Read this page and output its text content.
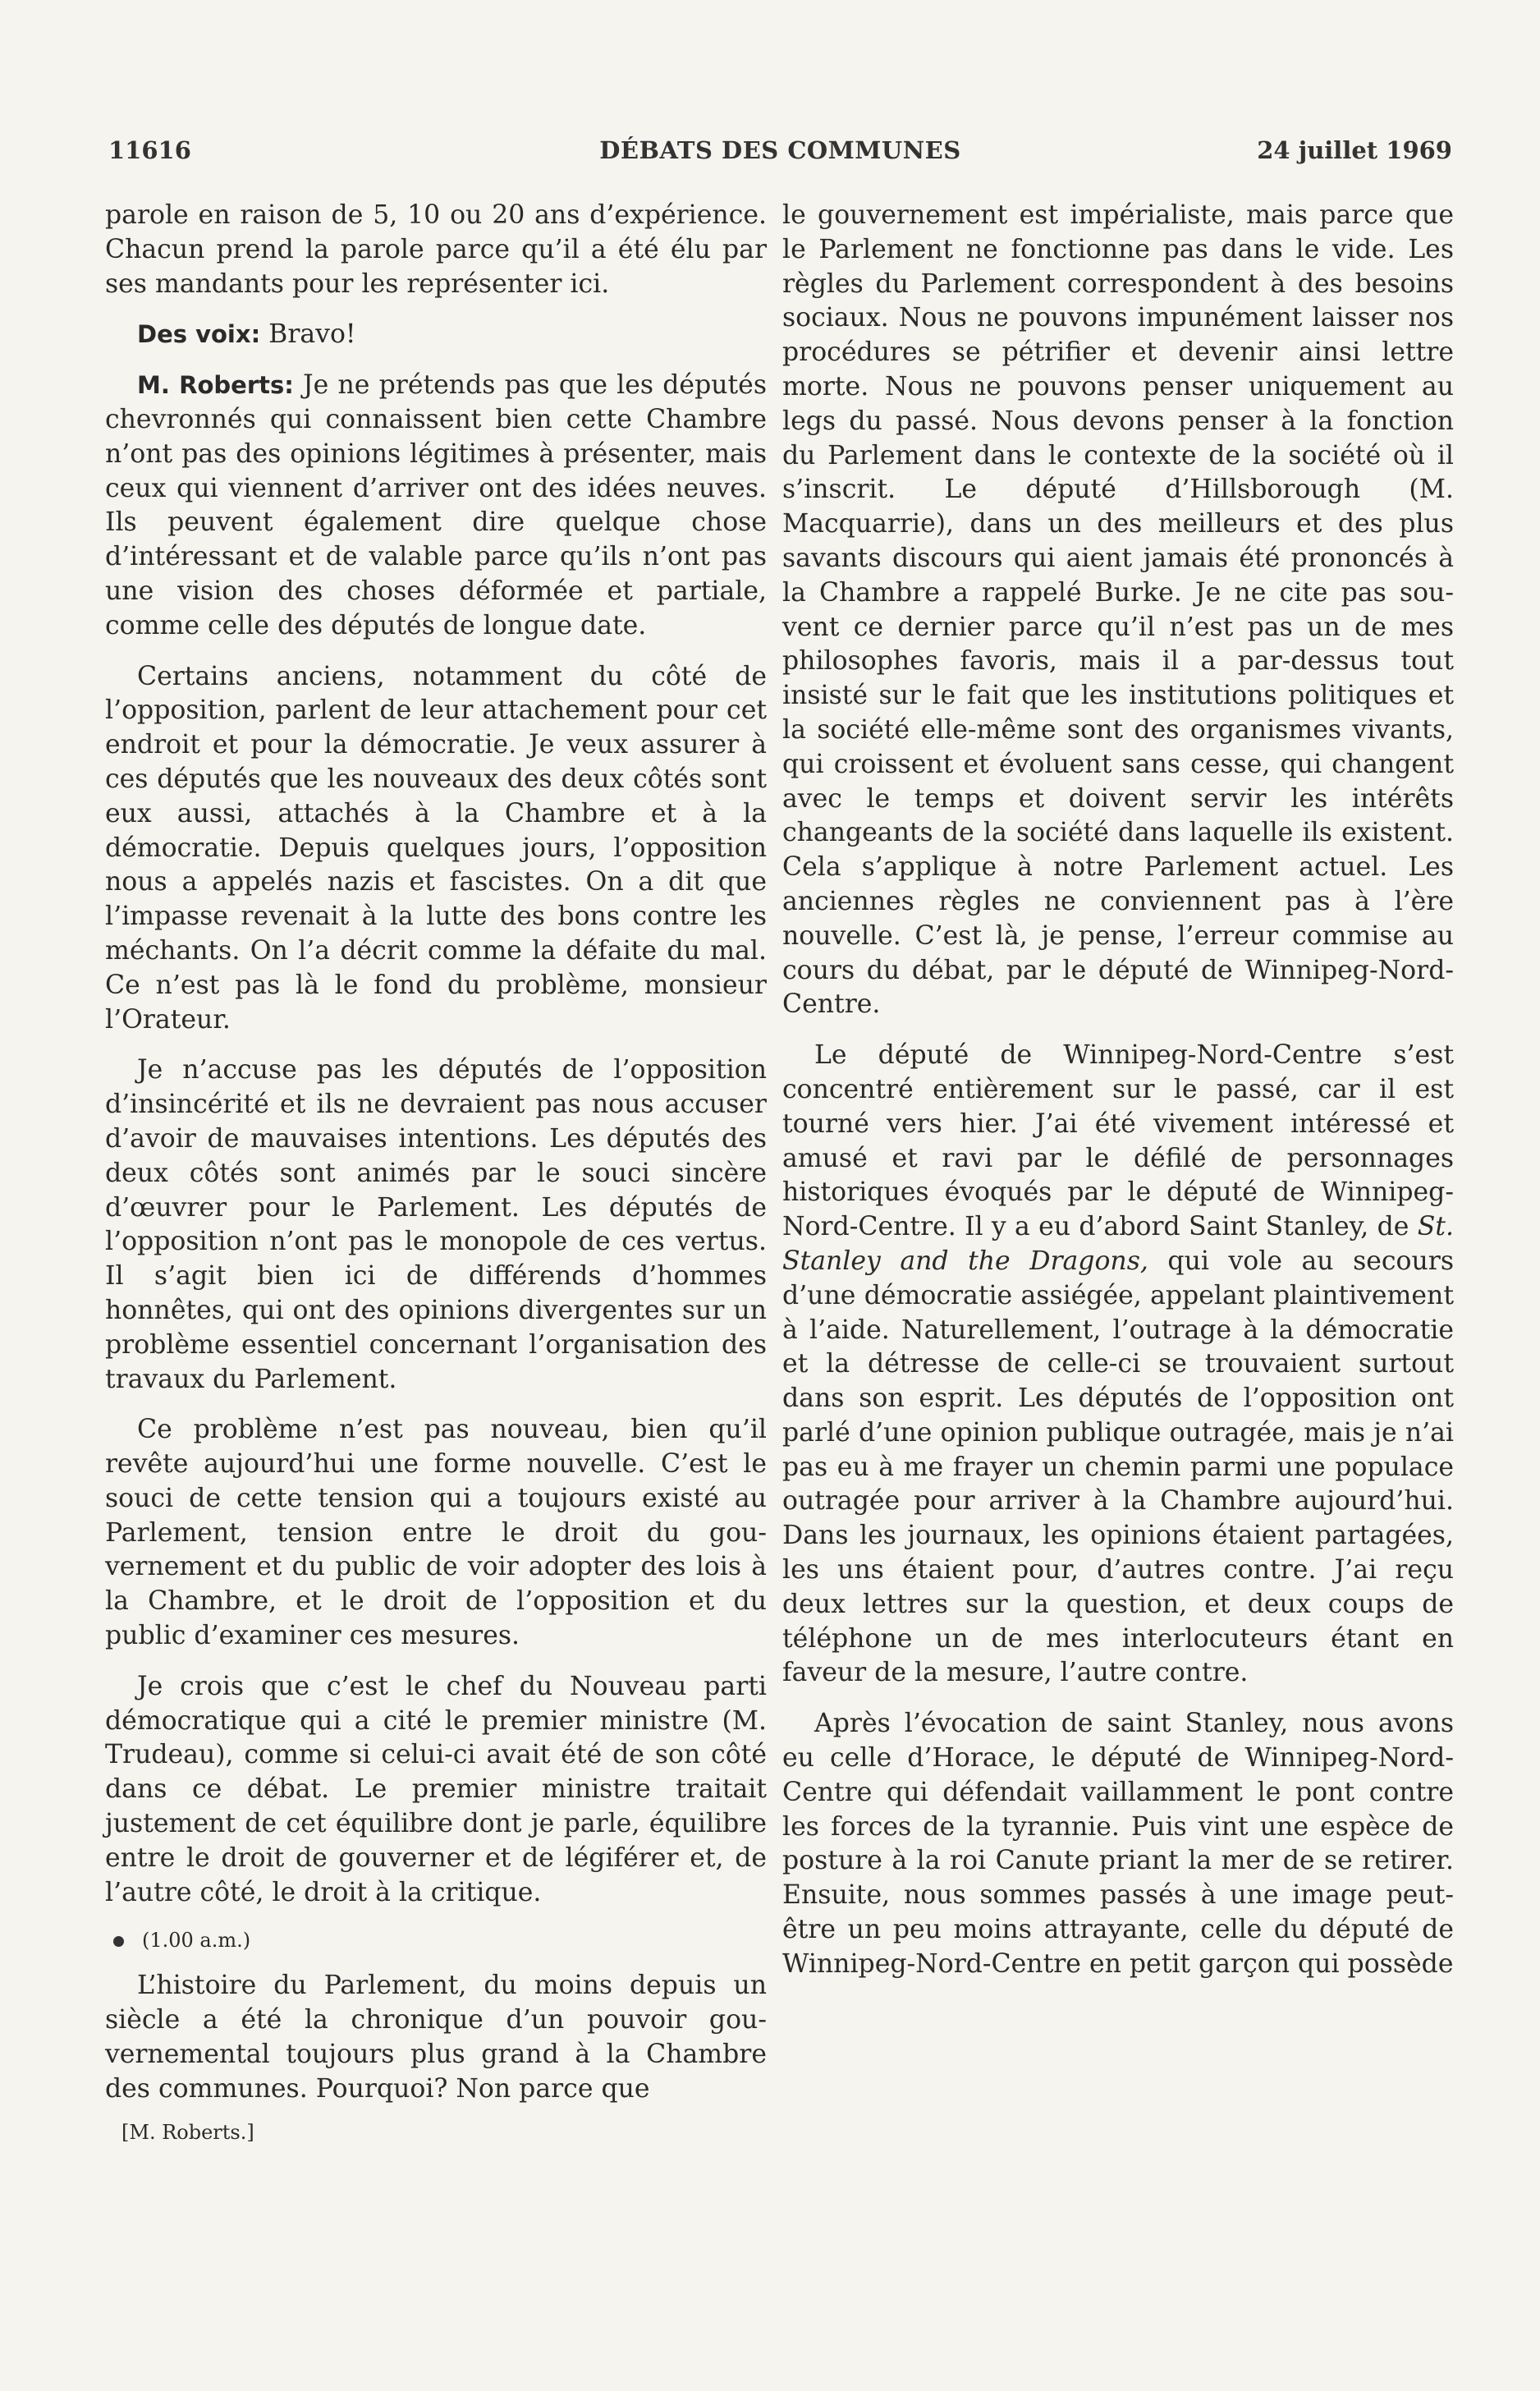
11616	DÉBATS DES COMMUNES	24 juillet 1969

parole en raison de 5, 10 ou 20 ans d’expérience. Chacun prend la parole parce qu’il a été élu par ses mandants pour les représenter ici.

Des voix: Bravo!

M. Roberts: Je ne prétends pas que les députés chevronnés qui connaissent bien cette Chambre n’ont pas des opinions légitimes à présenter, mais ceux qui viennent d’arriver ont des idées neuves. Ils peuvent également dire quelque chose d’intéressant et de valable parce qu’ils n’ont pas une vision des choses déformée et partiale, comme celle des députés de longue date.

Certains anciens, notamment du côté de l’opposition, parlent de leur attachement pour cet endroit et pour la démocratie. Je veux assurer à ces députés que les nouveaux des deux côtés sont eux aussi, attachés à la Chambre et à la démocratie. Depuis quelques jours, l’opposition nous a appelés nazis et fascistes. On a dit que l’impasse revenait à la lutte des bons contre les méchants. On l’a décrit comme la défaite du mal. Ce n’est pas là le fond du problème, monsieur l’Orateur.

Je n’accuse pas les députés de l’opposition d’insincérité et ils ne devraient pas nous accuser d’avoir de mauvaises intentions. Les députés des deux côtés sont animés par le souci sincère d’œuvrer pour le Parlement. Les députés de l’opposition n’ont pas le monopole de ces vertus. Il s’agit bien ici de différends d’hommes honnêtes, qui ont des opinions divergentes sur un problème essentiel concernant l’organisation des travaux du Parlement.

Ce problème n’est pas nouveau, bien qu’il revête aujourd’hui une forme nouvelle. C’est le souci de cette tension qui a toujours existé au Parlement, tension entre le droit du gouvernement et du public de voir adopter des lois à la Chambre, et le droit de l’opposition et du public d’examiner ces mesures.

Je crois que c’est le chef du Nouveau parti démocratique qui a cité le premier ministre (M. Trudeau), comme si celui-ci avait été de son côté dans ce débat. Le premier ministre traitait justement de cet équilibre dont je parle, équilibre entre le droit de gouverner et de légiférer et, de l’autre côté, le droit à la critique.

(1.00 a.m.)

L’histoire du Parlement, du moins depuis un siècle a été la chronique d’un pouvoir gouvernemental toujours plus grand à la Chambre des communes. Pourquoi? Non parce que

[M. Roberts.]

le gouvernement est impérialiste, mais parce que le Parlement ne fonctionne pas dans le vide. Les règles du Parlement correspondent à des besoins sociaux. Nous ne pouvons impunément laisser nos procédures se pétrifier et devenir ainsi lettre morte. Nous ne pouvons penser uniquement au legs du passé. Nous devons penser à la fonction du Parlement dans le contexte de la société où il s’inscrit. Le député d’Hillsborough (M. Macquarrie), dans un des meilleurs et des plus savants discours qui aient jamais été prononcés à la Chambre a rappelé Burke. Je ne cite pas souvent ce dernier parce qu’il n’est pas un de mes philosophes favoris, mais il a par-dessus tout insisté sur le fait que les institutions politiques et la société elle-même sont des organismes vivants, qui croissent et évoluent sans cesse, qui changent avec le temps et doivent servir les intérêts changeants de la société dans laquelle ils existent. Cela s’applique à notre Parlement actuel. Les anciennes règles ne conviennent pas à l’ère nouvelle. C’est là, je pense, l’erreur commise au cours du débat, par le député de Winnipeg-Nord-Centre.

Le député de Winnipeg-Nord-Centre s’est concentré entièrement sur le passé, car il est tourné vers hier. J’ai été vivement intéressé et amusé et ravi par le défilé de personnages historiques évoqués par le député de Winnipeg-Nord-Centre. Il y a eu d’abord Saint Stanley, de St. Stanley and the Dragons, qui vole au secours d’une démocratie assiégée, appelant plaintivement à l’aide. Naturellement, l’outrage à la démocratie et la détresse de celle-ci se trouvaient surtout dans son esprit. Les députés de l’opposition ont parlé d’une opinion publique outragée, mais je n’ai pas eu à me frayer un chemin parmi une populace outragée pour arriver à la Chambre aujourd’hui. Dans les journaux, les opinions étaient partagées, les uns étaient pour, d’autres contre. J’ai reçu deux lettres sur la question, et deux coups de téléphone un de mes interlocuteurs étant en faveur de la mesure, l’autre contre.

Après l’évocation de saint Stanley, nous avons eu celle d’Horace, le député de Winnipeg-Nord-Centre qui défendait vaillamment le pont contre les forces de la tyrannie. Puis vint une espèce de posture à la roi Canute priant la mer de se retirer. Ensuite, nous sommes passés à une image peut-être un peu moins attrayante, celle du député de Winnipeg-Nord-Centre en petit garçon qui possède
